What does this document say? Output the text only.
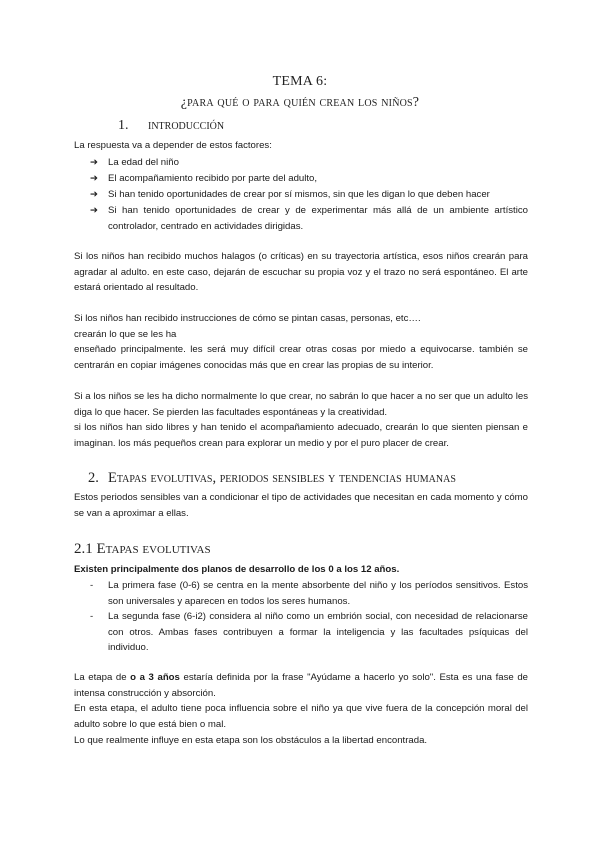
TEMA 6:
¿para qué o para quién crean los niños?
1. introducción
La respuesta va a depender de estos factores:
➔	La edad del niño
➔	El acompañamiento recibido por parte del adulto,
➔	Si han tenido oportunidades de crear por sí mismos, sin que les digan lo que deben hacer
➔	Si han tenido oportunidades de crear y de experimentar más allá de un ambiente artístico controlador, centrado en actividades dirigidas.
Si los niños han recibido muchos halagos (o críticas) en su trayectoria artística, esos niños crearán para agradar al adulto. en este caso, dejarán de escuchar su propia voz y el trazo no será espontáneo. El arte estará orientado al resultado.
Si los niños han recibido instrucciones de cómo se pintan casas, personas, etc….
crearán lo que se les ha
enseñado principalmente. les será muy difícil crear otras cosas por miedo a equivocarse. también se centrarán en copiar imágenes conocidas más que en crear las propias de su interior.
Si a los niños se les ha dicho normalmente lo que crear, no sabrán lo que hacer a no ser que un adulto les diga lo que hacer. Se pierden las facultades espontáneas y la creatividad.
si los niños han sido libres y han tenido el acompañamiento adecuado, crearán lo que sienten piensan e imaginan. los más pequeños crean para explorar un medio y por el puro placer de crear.
2. Etapas evolutivas, periodos sensibles y tendencias humanas
Estos periodos sensibles van a condicionar el tipo de actividades que necesitan en cada momento y cómo se van a aproximar a ellas.
2.1 Etapas evolutivas
Existen principalmente dos planos de desarrollo de los 0 a los 12 años.
- La primera fase (0-6) se centra en la mente absorbente del niño y los períodos sensitivos. Estos son universales y aparecen en todos los seres humanos.
- La segunda fase (6-i2) considera al niño como un embrión social, con necesidad de relacionarse con otros. Ambas fases contribuyen a formar la inteligencia y las facultades psíquicas del individuo.
La etapa de o a 3 años estaría definida por la frase "Ayúdame a hacerlo yo solo". Esta es una fase de intensa construcción y absorción.
En esta etapa, el adulto tiene poca influencia sobre el niño ya que vive fuera de la concepción moral del adulto sobre lo que está bien o mal.
Lo que realmente influye en esta etapa son los obstáculos a la libertad encontrada.
